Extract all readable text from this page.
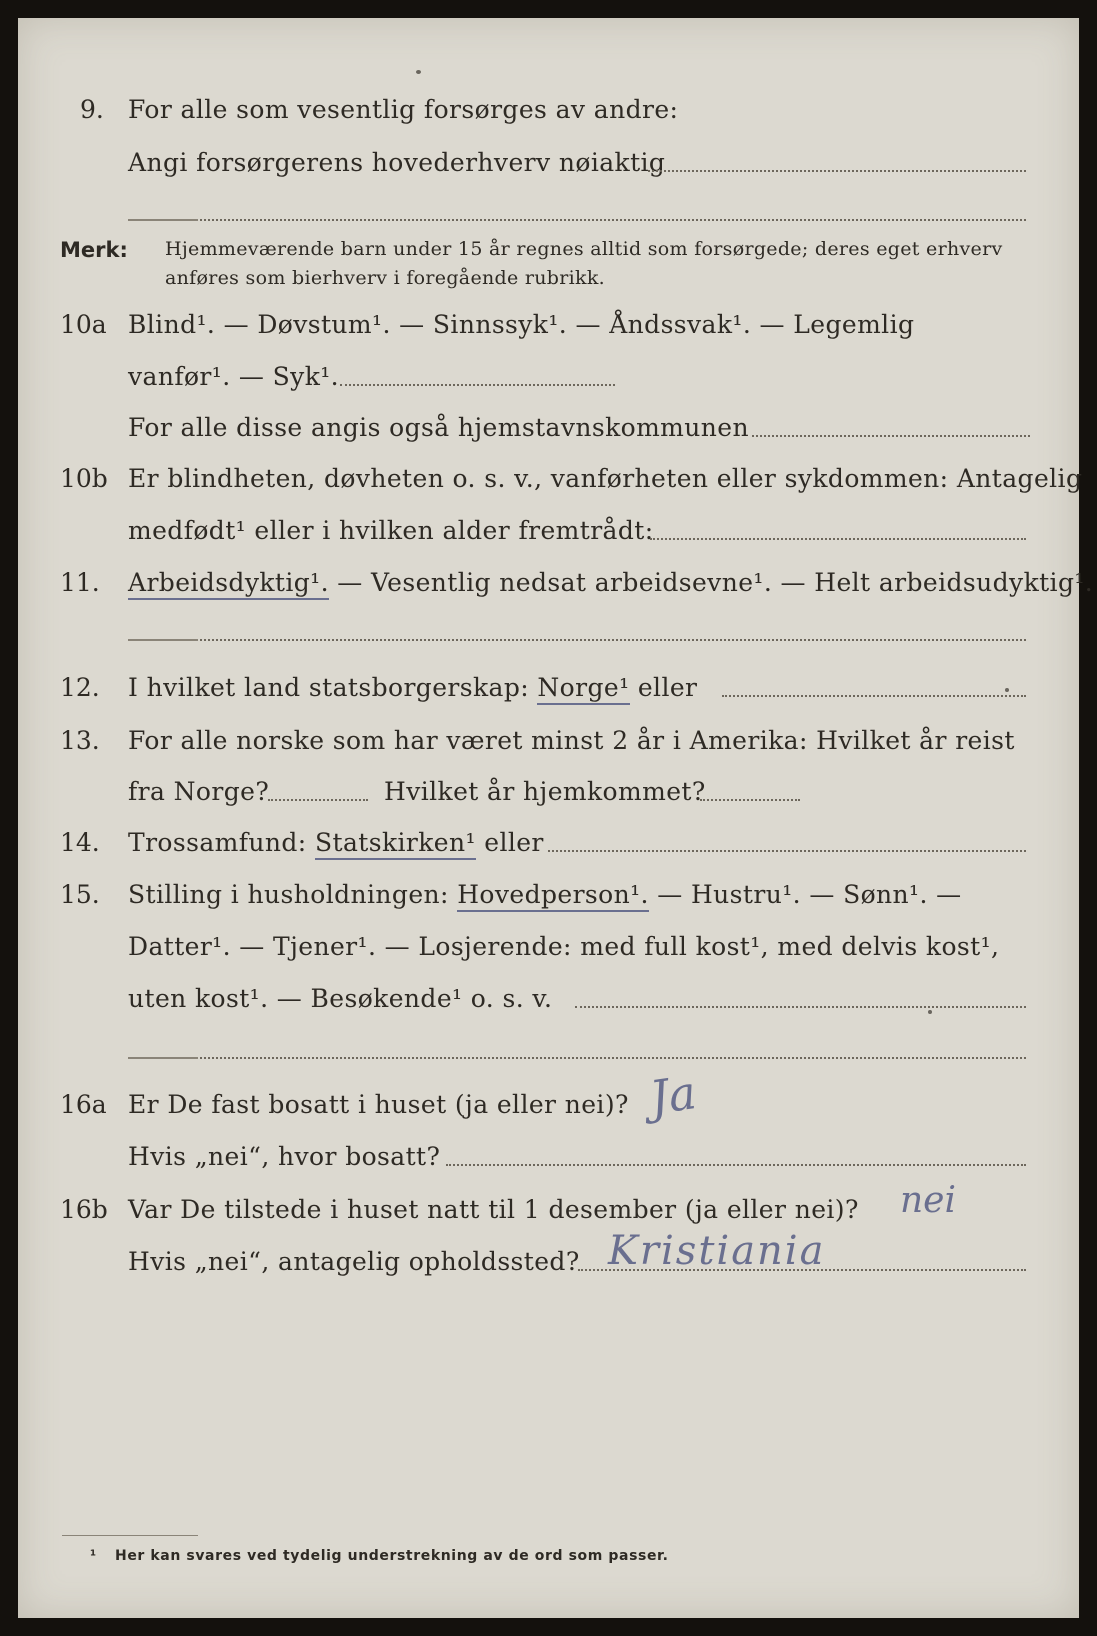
9. For alle som vesentlig forsørges av andre:
Angi forsørgerens hovederhverv nøiaktig
Merk: Hjemmeværende barn under 15 år regnes alltid som forsørgede; deres eget erhverv
anføres som bierhverv i foregående rubrikk.
10a Blind¹. — Døvstum¹. — Sinnssyk¹. — Åndssvak¹. — Legemlig
vanfør¹. — Syk¹.
For alle disse angis også hjemstavnskommunen
10b Er blindheten, døvheten o. s. v., vanførheten eller sykdommen: Antagelig
medfødt¹ eller i hvilken alder fremtrådt:
11. Arbeidsdyktig¹. — Vesentlig nedsat arbeidsevne¹. — Helt arbeidsudyktig¹.
12. I hvilket land statsborgerskap: Norge¹ eller
13. For alle norske som har været minst 2 år i Amerika: Hvilket år reist
fra Norge?	Hvilket år hjemkommet?
14. Trossamfund: Statskirken¹ eller
15. Stilling i husholdningen: Hovedperson¹. — Hustru¹. — Sønn¹. —
Datter¹. — Tjener¹. — Losjerende: med full kost¹, med delvis kost¹,
uten kost¹. — Besøkende¹ o. s. v.
16a Er De fast bosatt i huset (ja eller nei)? Ja
Hvis „nei“, hvor bosatt?
16b Var De tilstede i huset natt til 1 desember (ja eller nei)? nei
Hvis „nei“, antagelig opholdssted? Kristiania
¹ Her kan svares ved tydelig understrekning av de ord som passer.
